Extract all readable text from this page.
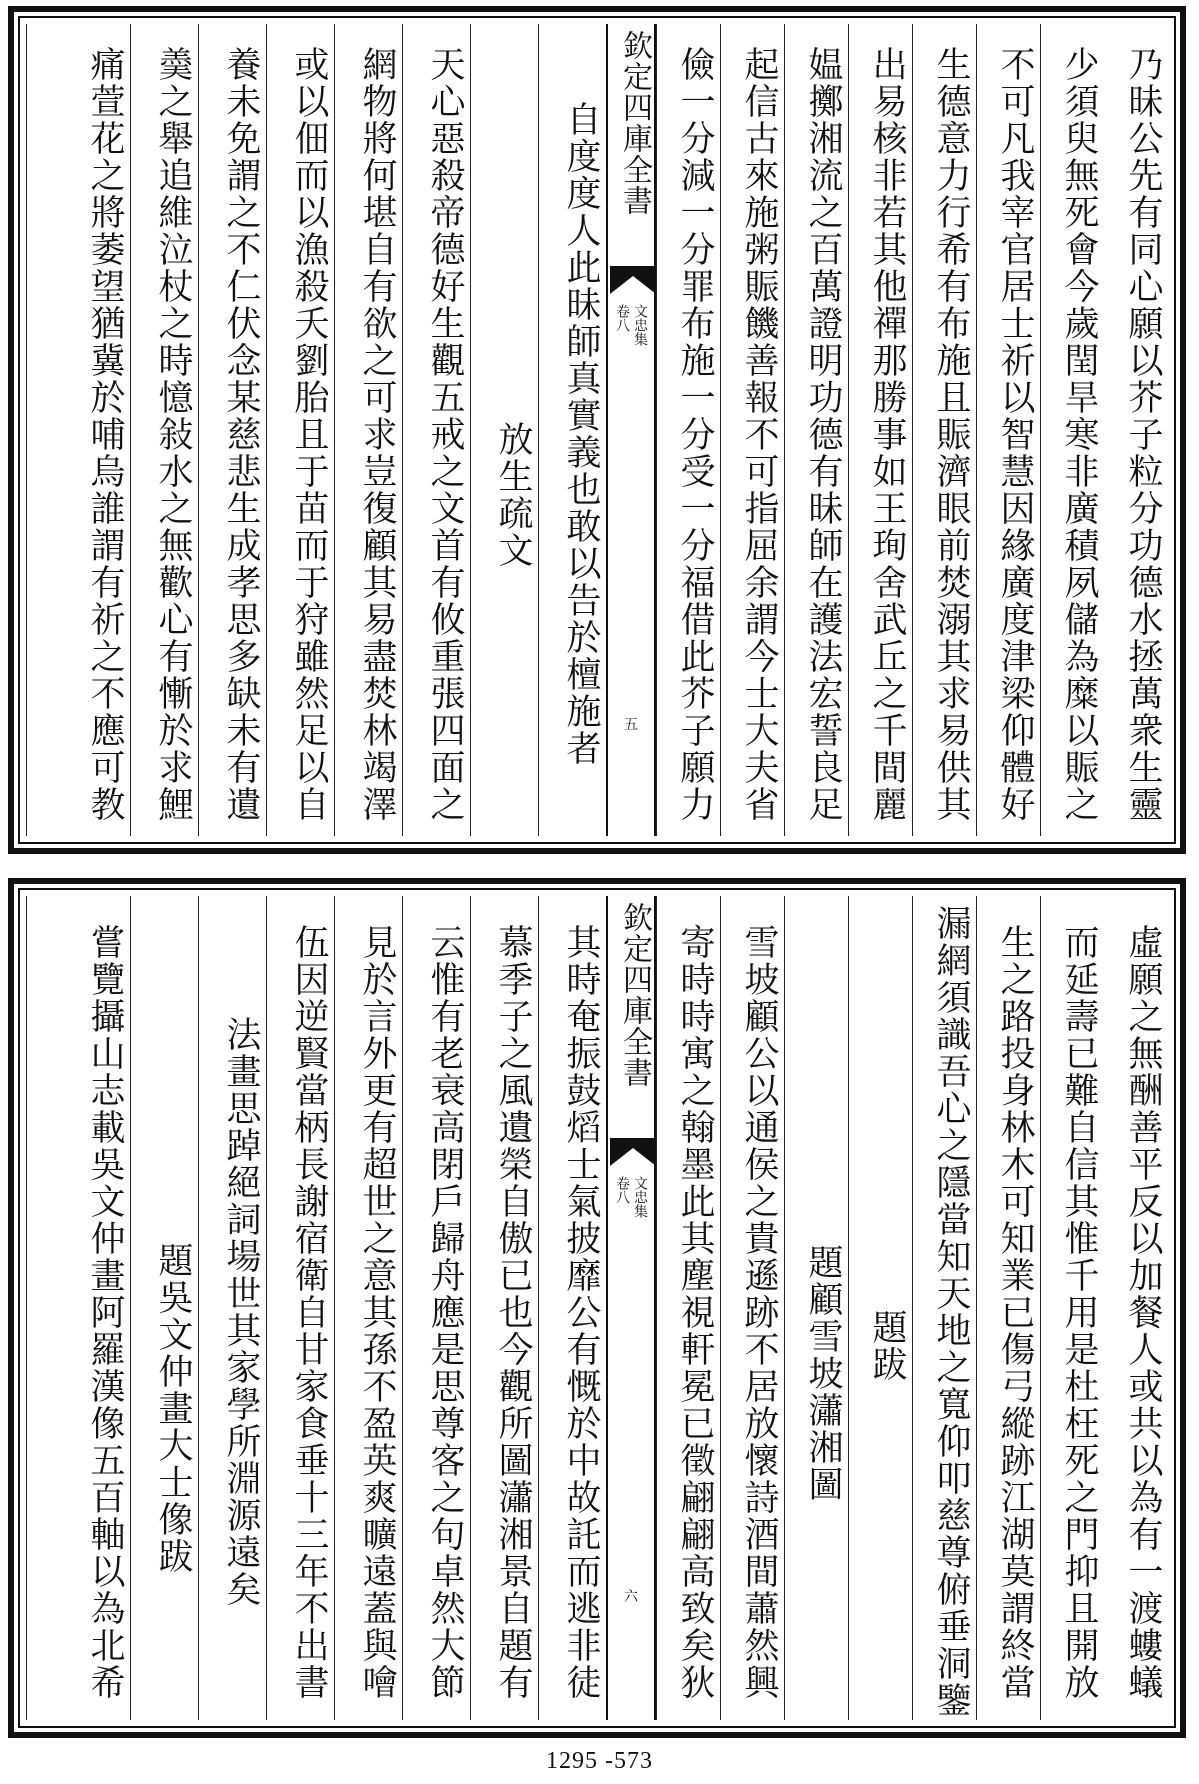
乃昧公先有同心願以芥子粒分功德水拯萬衆生靈
少須臾無死會今歲閏旱寒非廣積夙儲為糜以賑之
不可凡我宰官居士祈以智慧因緣廣度津梁仰體好
生德意力行希有布施且賑濟眼前焚溺其求易供其
出易核非若其他禪那勝事如王珣舍武丘之千間麗
媪擲湘流之百萬證明功德有昧師在護法宏誓良足
起信古來施粥賑饑善報不可指屈余謂今士大夫省
儉一分減一分罪布施一分受一分福借此芥子願力
欽定四庫全書
文忠集
卷八
五
自度度人此昧師真實義也敢以告於檀施者
放生疏文
天心惡殺帝德好生觀五戒之文首有攸重張四面之
網物將何堪自有欲之可求豈復顧其易盡焚林竭澤
或以佃而以漁殺夭劉胎且于苗而于狩雖然足以自
養未免謂之不仁伏念某慈悲生成孝思多缺未有遺
羮之舉追維泣杖之時憶敍水之無歡心有慚於求鯉
痛萱花之將萎望猶冀於哺烏誰謂有祈之不應可教
虛願之無酬善平反以加餐人或共以為有一渡螻蟻
而延壽已難自信其惟千用是杜枉死之門抑且開放
生之路投身林木可知業已傷弓縱跡江湖莫謂終當
漏網須識吾心之隱當知天地之寬仰叩慈尊俯垂洞鑒
題跋
題顧雪坡瀟湘圖
雪坡顧公以通侯之貴遜跡不居放懷詩酒間蕭然興
寄時時寓之翰墨此其塵視軒冕已徵翩翩高致矣狄
欽定四庫全書
文忠集
卷八
六
其時奄振鼓熖士氣披靡公有慨於中故託而逃非徒
慕季子之風遺榮自傲已也今觀所圖瀟湘景自題有
云惟有老衰高閉戶歸舟應是思尊客之句卓然大節
見於言外更有超世之意其孫不盈英爽曠遠蓋與噲
伍因逆賢當柄長謝宿衛自甘家食垂十三年不出書
法畫思踔絕詞場世其家學所淵源遠矣
題吳文仲畫大士像跋
嘗覽攝山志載吳文仲畫阿羅漢像五百軸以為北希
1295 -573
